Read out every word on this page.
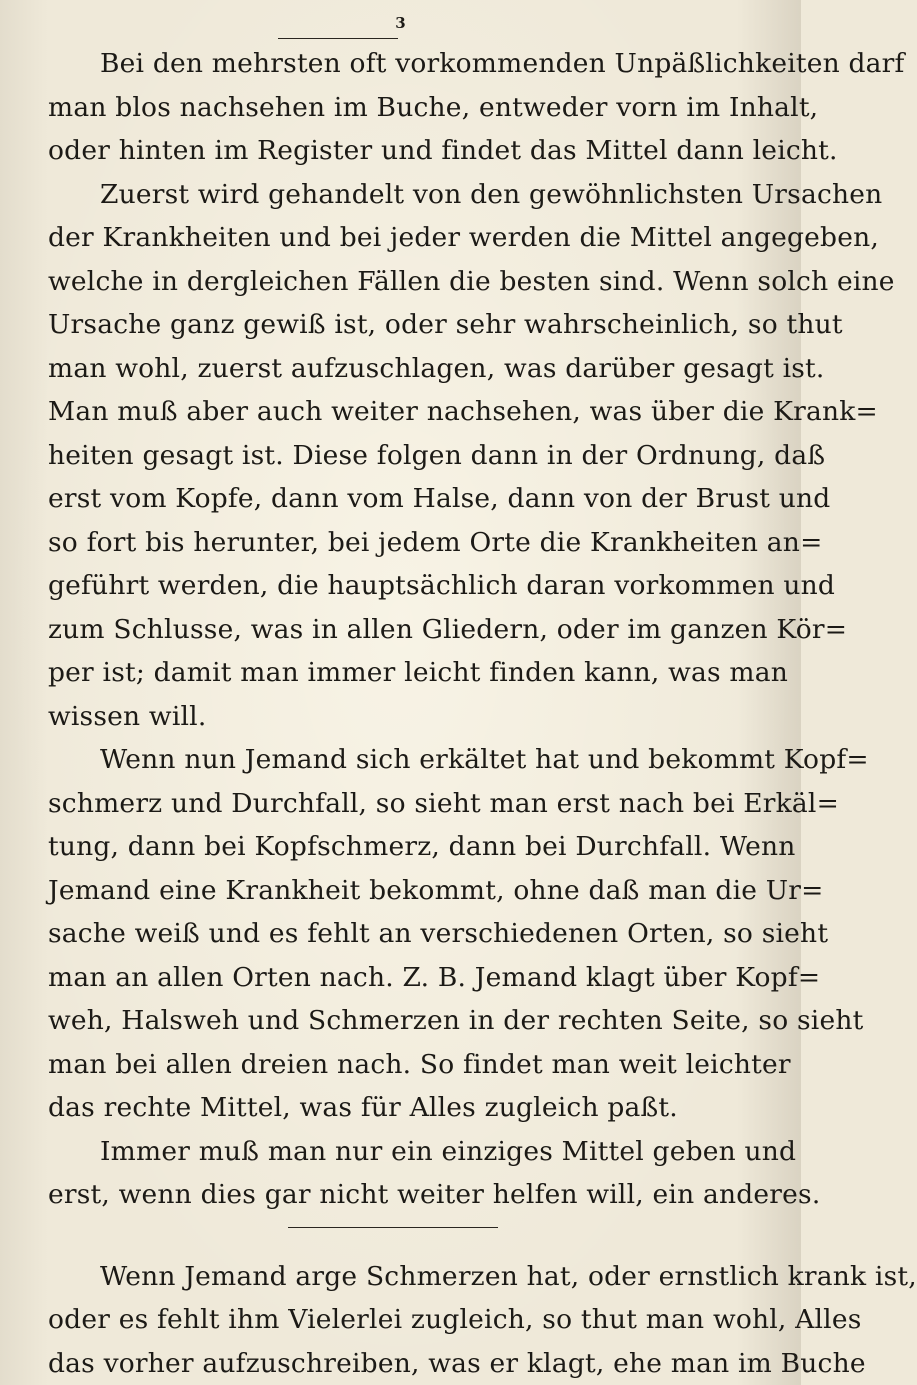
3
Bei den mehrsten oft vorkommenden Unpäßlichkeiten darf
man blos nachsehen im Buche, entweder vorn im Inhalt,
oder hinten im Register und findet das Mittel dann leicht.
Zuerst wird gehandelt von den gewöhnlichsten Ursachen
der Krankheiten und bei jeder werden die Mittel angegeben,
welche in dergleichen Fällen die besten sind. Wenn solch eine
Ursache ganz gewiß ist, oder sehr wahrscheinlich, so thut
man wohl, zuerst aufzuschlagen, was darüber gesagt ist.
Man muß aber auch weiter nachsehen, was über die Krank=
heiten gesagt ist. Diese folgen dann in der Ordnung, daß
erst vom Kopfe, dann vom Halse, dann von der Brust und
so fort bis herunter, bei jedem Orte die Krankheiten an=
geführt werden, die hauptsächlich daran vorkommen und
zum Schlusse, was in allen Gliedern, oder im ganzen Kör=
per ist; damit man immer leicht finden kann, was man
wissen will.
Wenn nun Jemand sich erkältet hat und bekommt Kopf=
schmerz und Durchfall, so sieht man erst nach bei Erkäl=
tung, dann bei Kopfschmerz, dann bei Durchfall. Wenn
Jemand eine Krankheit bekommt, ohne daß man die Ur=
sache weiß und es fehlt an verschiedenen Orten, so sieht
man an allen Orten nach. Z. B. Jemand klagt über Kopf=
weh, Halsweh und Schmerzen in der rechten Seite, so sieht
man bei allen dreien nach. So findet man weit leichter
das rechte Mittel, was für Alles zugleich paßt.
Immer muß man nur ein einziges Mittel geben und
erst, wenn dies gar nicht weiter helfen will, ein anderes.
Wenn Jemand arge Schmerzen hat, oder ernstlich krank ist,
oder es fehlt ihm Vielerlei zugleich, so thut man wohl, Alles
das vorher aufzuschreiben, was er klagt, ehe man im Buche
